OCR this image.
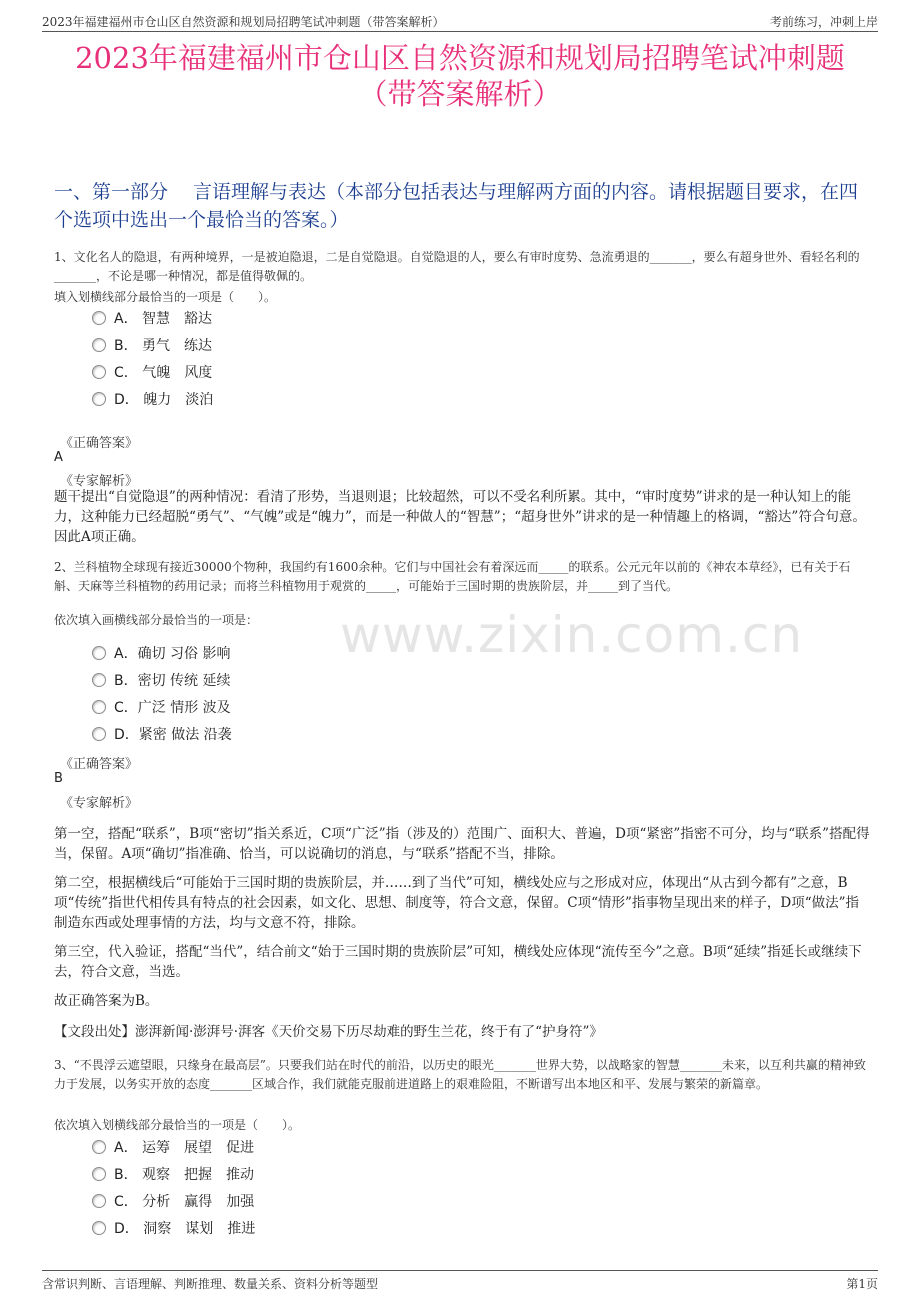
2023年福建福州市仓山区自然资源和规划局招聘笔试冲刺题（带答案解析）	考前练习，冲刺上岸
2023年福建福州市仓山区自然资源和规划局招聘笔试冲刺题
（带答案解析）
一、第一部分　 言语理解与表达（本部分包括表达与理解两方面的内容。请根据题目要求，在四个选项中选出一个最恰当的答案。）
1、文化名人的隐退，有两种境界，一是被迫隐退，二是自觉隐退。自觉隐退的人，要么有审时度势、急流勇退的_______，要么有超身世外、看轻名利的_______，不论是哪一种情况，都是值得敬佩的。
填入划横线部分最恰当的一项是（　　）。
A． 智慧　豁达
B． 勇气　练达
C． 气魄　风度
D． 魄力　淡泊
《正确答案》
A
《专家解析》
题干提出“自觉隐退”的两种情况：看清了形势，当退则退；比较超然，可以不受名利所累。其中，“审时度势”讲求的是一种认知上的能力，这种能力已经超脱“勇气”、“气魄”或是“魄力”，而是一种做人的“智慧”；“超身世外”讲求的是一种情趣上的格调，“豁达”符合句意。因此A项正确。
2、兰科植物全球现有接近30000个物种，我国约有1600余种。它们与中国社会有着深远而_____的联系。公元元年以前的《神农本草经》，已有关于石斛、天麻等兰科植物的药用记录；而将兰科植物用于观赏的_____，可能始于三国时期的贵族阶层，并_____到了当代。
依次填入画横线部分最恰当的一项是： www.zixin.com.cn
A．确切 习俗 影响
B．密切 传统 延续
C．广泛 情形 波及
D．紧密 做法 沿袭
《正确答案》
B
《专家解析》
第一空，搭配“联系”，B项“密切”指关系近，C项“广泛”指（涉及的）范围广、面积大、普遍，D项“紧密”指密不可分，均与“联系”搭配得当，保留。A项“确切”指准确、恰当，可以说确切的消息，与“联系”搭配不当，排除。
第二空，根据横线后“可能始于三国时期的贵族阶层，并……到了当代”可知，横线处应与之形成对应，体现出“从古到今都有”之意，B项“传统”指世代相传具有特点的社会因素，如文化、思想、制度等，符合文意，保留。C项“情形”指事物呈现出来的样子，D项“做法”指制造东西或处理事情的方法，均与文意不符，排除。
第三空，代入验证，搭配“当代”，结合前文“始于三国时期的贵族阶层”可知，横线处应体现“流传至今”之意。B项“延续”指延长或继续下去，符合文意，当选。
故正确答案为B。
【文段出处】澎湃新闻·澎湃号·湃客《天价交易下历尽劫难的野生兰花，终于有了“护身符”》
3、“不畏浮云遮望眼，只缘身在最高层”。只要我们站在时代的前沿，以历史的眼光_______世界大势，以战略家的智慧_______未来，以互利共赢的精神致力于发展，以务实开放的态度_______区域合作，我们就能克服前进道路上的艰难险阻，不断谱写出本地区和平、发展与繁荣的新篇章。
依次填入划横线部分最恰当的一项是（　　）。
A． 运筹　展望　促进
B． 观察　把握　推动
C． 分析　赢得　加强
D． 洞察　谋划　推进
含常识判断、言语理解、判断推理、数量关系、资料分析等题型	第1页
